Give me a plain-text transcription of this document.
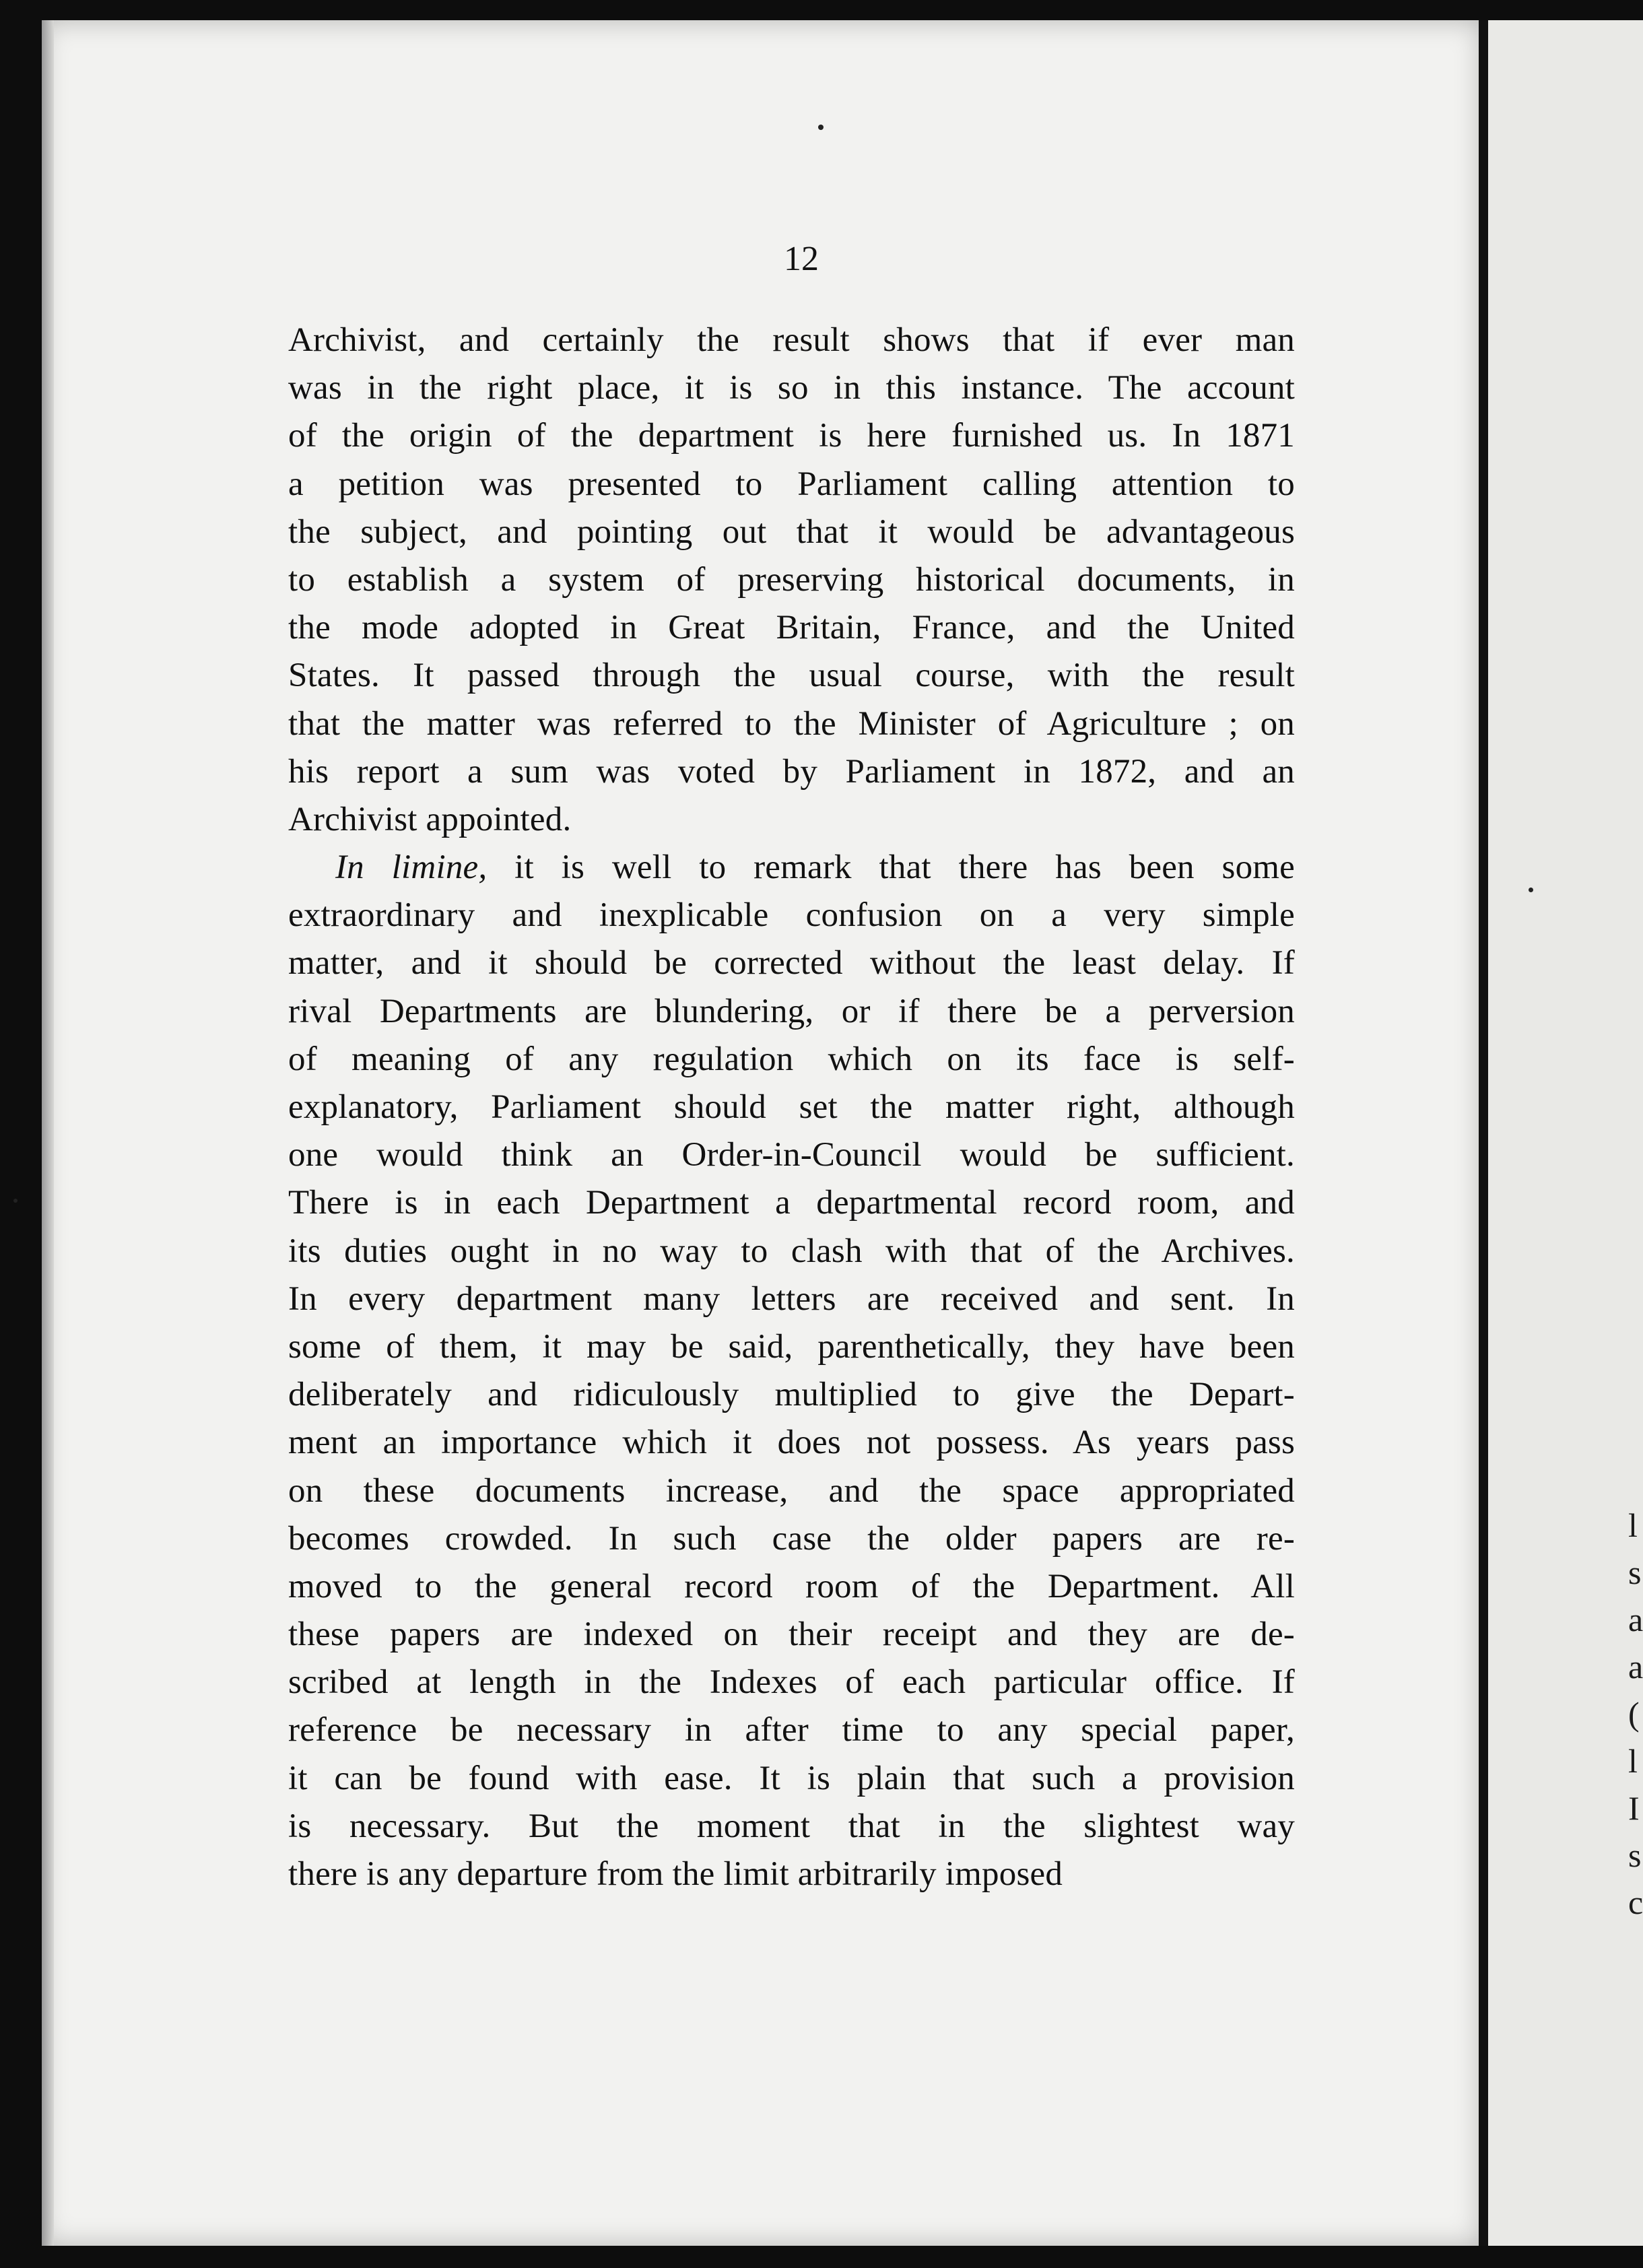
l
s
a
a
(
l
I
s
c
12
Archivist, and certainly the result shows that if ever man
was in the right place, it is so in this instance. The account
of the origin of the department is here furnished us. In 1871
a petition was presented to Parliament calling attention to
the subject, and pointing out that it would be advantageous
to establish a system of preserving historical documents, in
the mode adopted in Great Britain, France, and the United
States. It passed through the usual course, with the result
that the matter was referred to the Minister of Agriculture ; on
his report a sum was voted by Parliament in 1872, and an
Archivist appointed.
In limine, it is well to remark that there has been some
extraordinary and inexplicable confusion on a very simple
matter, and it should be corrected without the least delay. If
rival Departments are blundering, or if there be a perversion
of meaning of any regulation which on its face is self-
explanatory, Parliament should set the matter right, although
one would think an Order-in-Council would be sufficient.
There is in each Department a departmental record room, and
its duties ought in no way to clash with that of the Archives.
In every department many letters are received and sent. In
some of them, it may be said, parenthetically, they have been
deliberately and ridiculously multiplied to give the Depart-
ment an importance which it does not possess. As years pass
on these documents increase, and the space appropriated
becomes crowded. In such case the older papers are re-
moved to the general record room of the Department. All
these papers are indexed on their receipt and they are de-
scribed at length in the Indexes of each particular office. If
reference be necessary in after time to any special paper,
it can be found with ease. It is plain that such a provision
is necessary. But the moment that in the slightest way
there is any departure from the limit arbitrarily imposed
